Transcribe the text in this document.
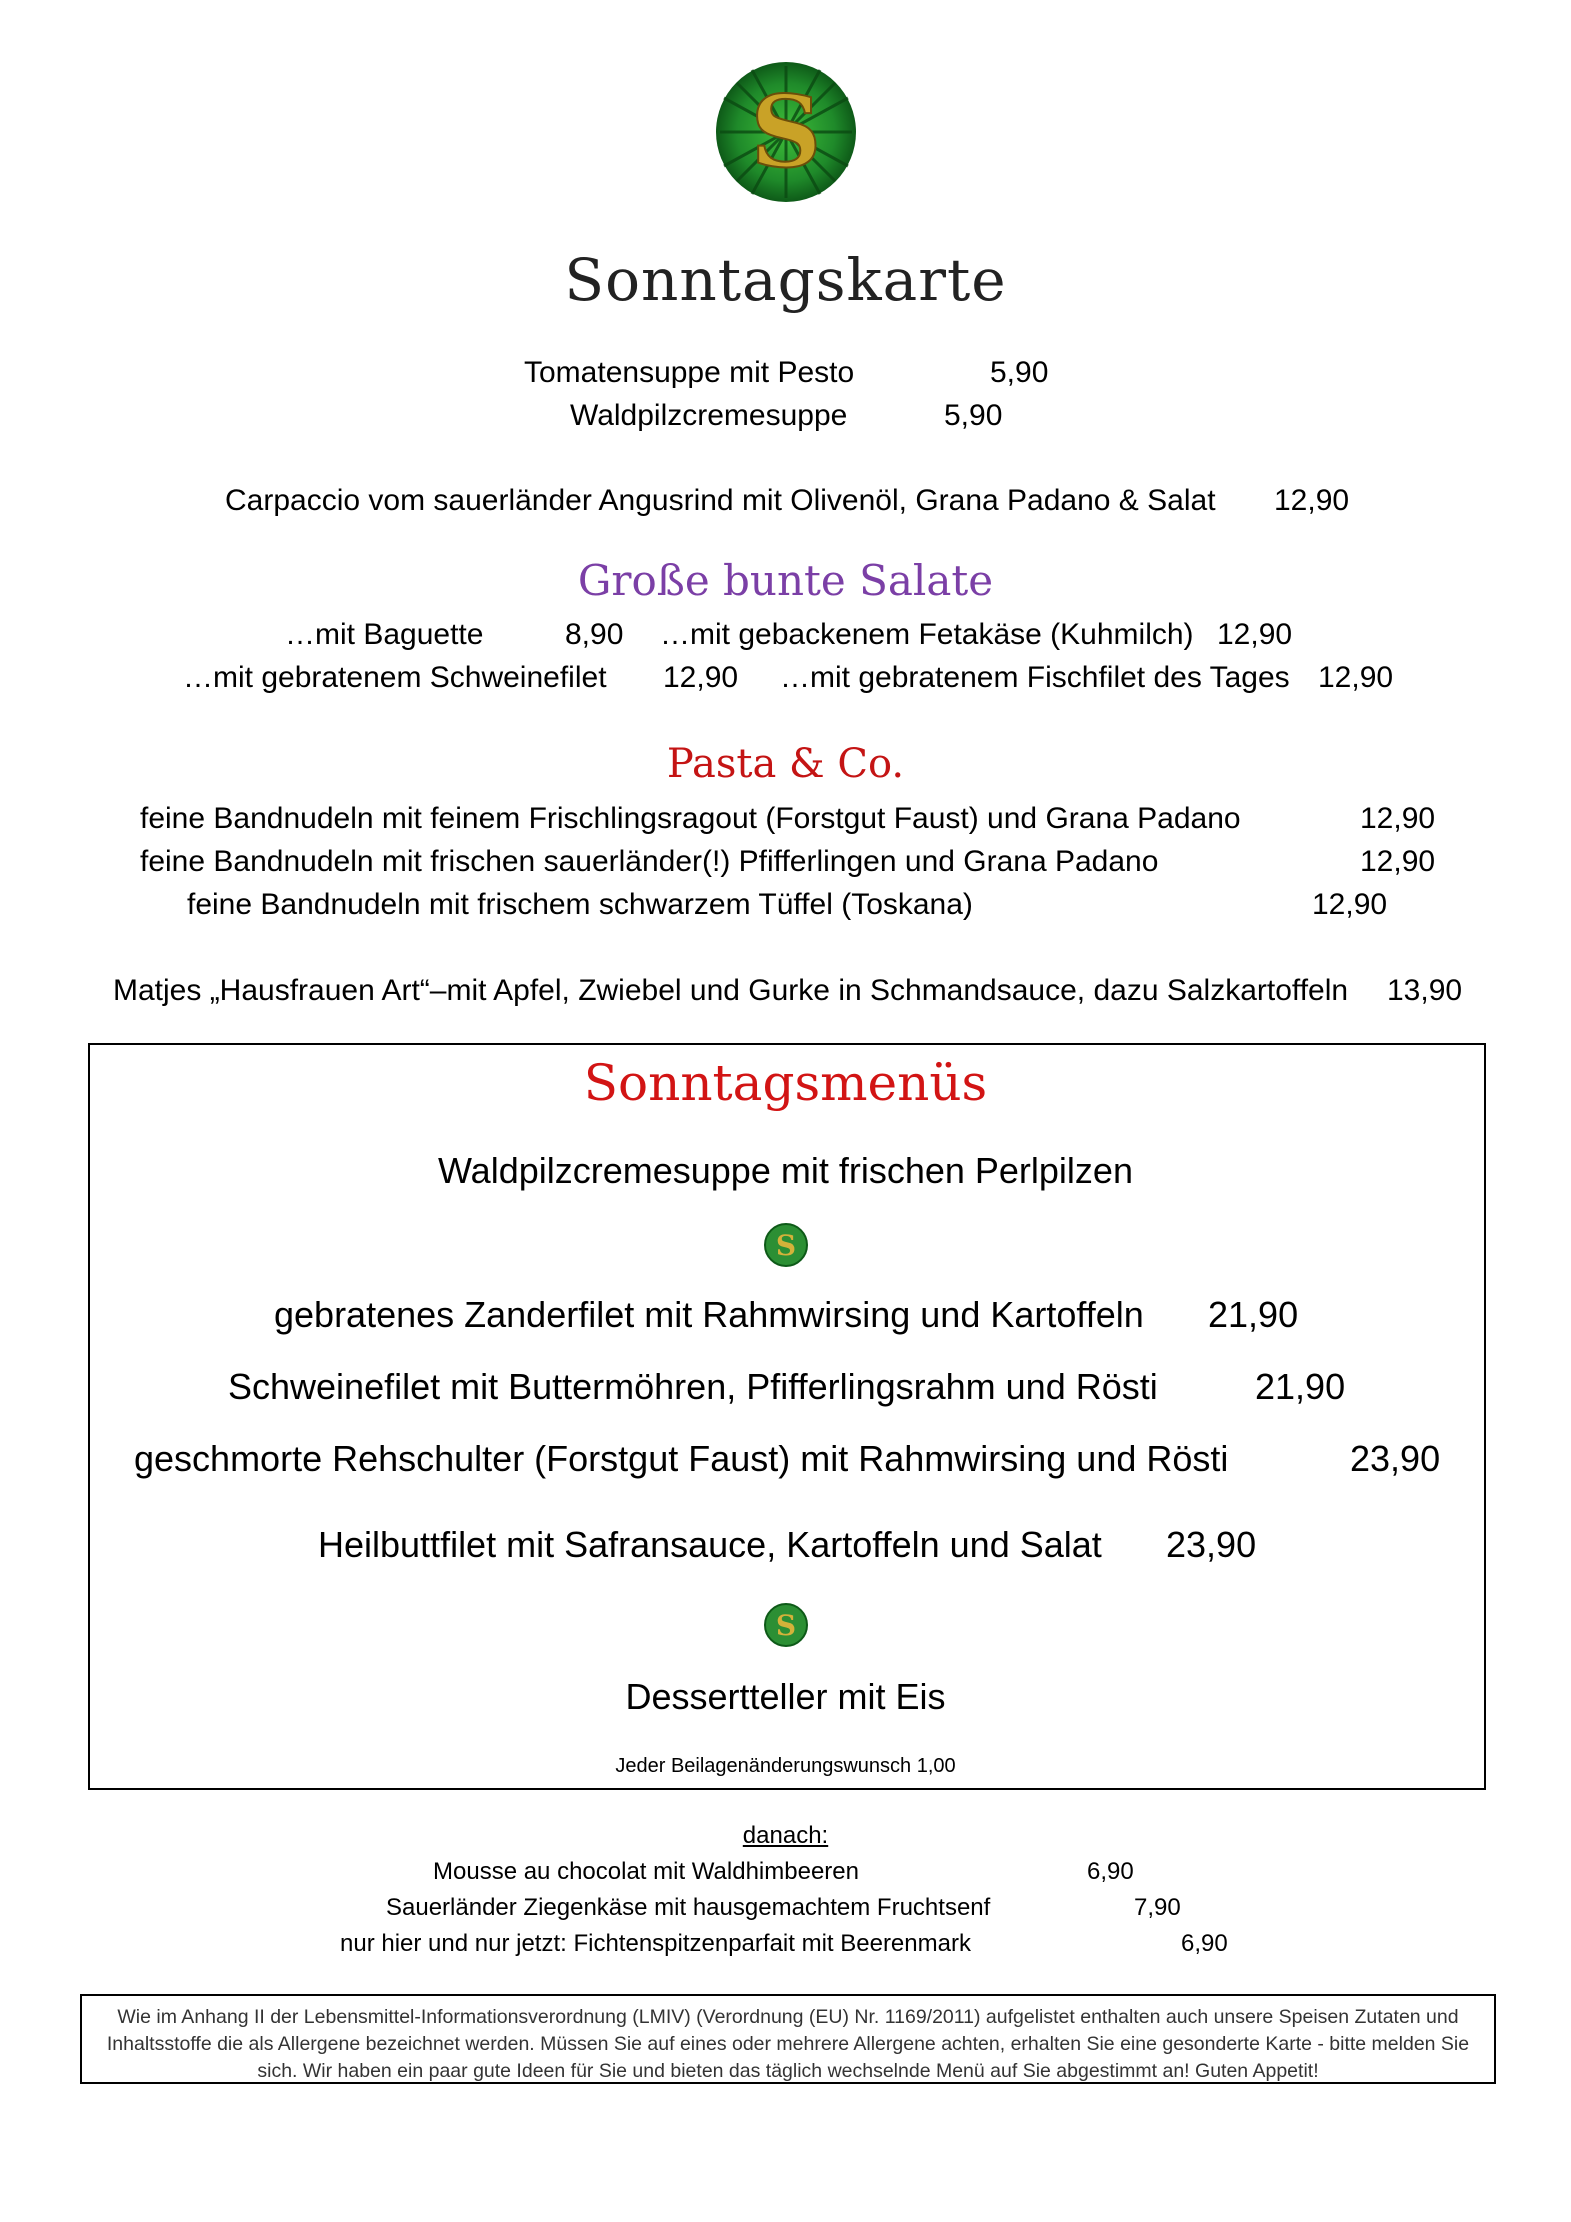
S
Sonntagskarte
Tomatensuppe mit Pesto	5,90
Waldpilzcremesuppe	5,90
Carpaccio vom sauerländer Angusrind mit Olivenöl, Grana Padano & Salat 12,90
Große bunte Salate
…mit Baguette	8,90 …mit gebackenem Fetakäse (Kuhmilch) 12,90
…mit gebratenem Schweinefilet 12,90 …mit gebratenem Fischfilet des Tages 12,90
Pasta & Co.
feine Bandnudeln mit feinem Frischlingsragout (Forstgut Faust) und Grana Padano	12,90
feine Bandnudeln mit frischen sauerländer(!) Pfifferlingen und Grana Padano	12,90
feine Bandnudeln mit frischem schwarzem Tüffel (Toskana)	12,90
Matjes „Hausfrauen Art“–mit Apfel, Zwiebel und Gurke in Schmandsauce, dazu Salzkartoffeln 13,90
Sonntagsmenüs
Waldpilzcremesuppe mit frischen Perlpilzen
S
gebratenes Zanderfilet mit Rahmwirsing und Kartoffeln 21,90
Schweinefilet mit Buttermöhren, Pfifferlingsrahm und Rösti	21,90
geschmorte Rehschulter (Forstgut Faust) mit Rahmwirsing und Rösti	23,90
Heilbuttfilet mit Safransauce, Kartoffeln und Salat 23,90
S
Dessertteller mit Eis
Jeder Beilagenänderungswunsch 1,00
danach:
Mousse au chocolat mit Waldhimbeeren	6,90
Sauerländer Ziegenkäse mit hausgemachtem Fruchtsenf	7,90
nur hier und nur jetzt: Fichtenspitzenparfait mit Beerenmark	6,90
Wie im Anhang II der Lebensmittel-Informationsverordnung (LMIV) (Verordnung (EU) Nr. 1169/2011) aufgelistet enthalten auch unsere Speisen Zutaten und Inhaltsstoffe die als Allergene bezeichnet werden. Müssen Sie auf eines oder mehrere Allergene achten, erhalten Sie eine gesonderte Karte - bitte melden Sie sich. Wir haben ein paar gute Ideen für Sie und bieten das täglich wechselnde Menü auf Sie abgestimmt an! Guten Appetit!
